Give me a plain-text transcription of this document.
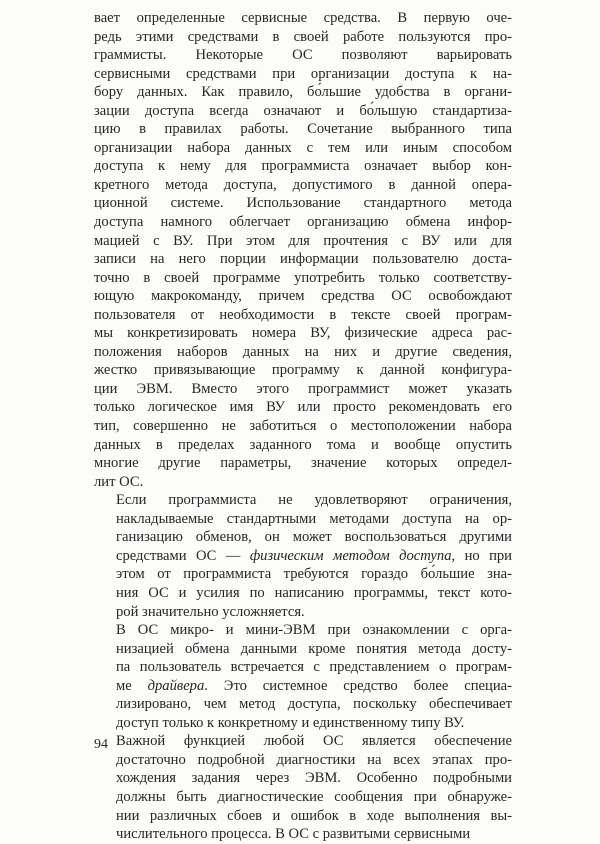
вает определенные сервисные средства. В первую оче-
редь этими средствами в своей работе пользуются про-
граммисты. Некоторые ОС позволяют варьировать
сервисными средствами при организации доступа к на-
бору данных. Как правило, бо́льшие удобства в органи-
зации доступа всегда означают и бо́льшую стандартиза-
цию в правилах работы. Сочетание выбранного типа
организации набора данных с тем или иным способом
доступа к нему для программиста означает выбор кон-
кретного метода доступа, допустимого в данной опера-
ционной системе. Использование стандартного метода
доступа намного облегчает организацию обмена инфор-
мацией с ВУ. При этом для прочтения с ВУ или для
записи на него порции информации пользователю доста-
точно в своей программе употребить только соответству-
ющую макрокоманду, причем средства ОС освобождают
пользователя от необходимости в тексте своей програм-
мы конкретизировать номера ВУ, физические адреса рас-
положения наборов данных на них и другие сведения,
жестко привязывающие программу к данной конфигура-
ции ЭВМ. Вместо этого программист может указать
только логическое имя ВУ или просто рекомендовать его
тип, совершенно не заботиться о местоположении набора
данных в пределах заданного тома и вообще опустить
многие другие параметры, значение которых определ-
лит ОС.

Если программиста не удовлетворяют ограничения,
накладываемые стандартными методами доступа на ор-
ганизацию обменов, он может воспользоваться другими
средствами ОС — физическим методом доступа, но при
этом от программиста требуются гораздо бо́льшие зна-
ния ОС и усилия по написанию программы, текст кото-
рой значительно усложняется.

В ОС микро- и мини-ЭВМ при ознакомлении с орга-
низацией обмена данными кроме понятия метода досту-
па пользователь встречается с представлением о програм-
ме драйвера. Это системное средство более специа-
лизировано, чем метод доступа, поскольку обеспечивает
доступ только к конкретному и единственному типу ВУ.

Важной функцией любой ОС является обеспечение
достаточно подробной диагностики на всех этапах про-
хождения задания через ЭВМ. Особенно подробными
должны быть диагностические сообщения при обнаруже-
нии различных сбоев и ошибок в ходе выполнения вы-
числительного процесса. В ОС с развитыми сервисными

94
